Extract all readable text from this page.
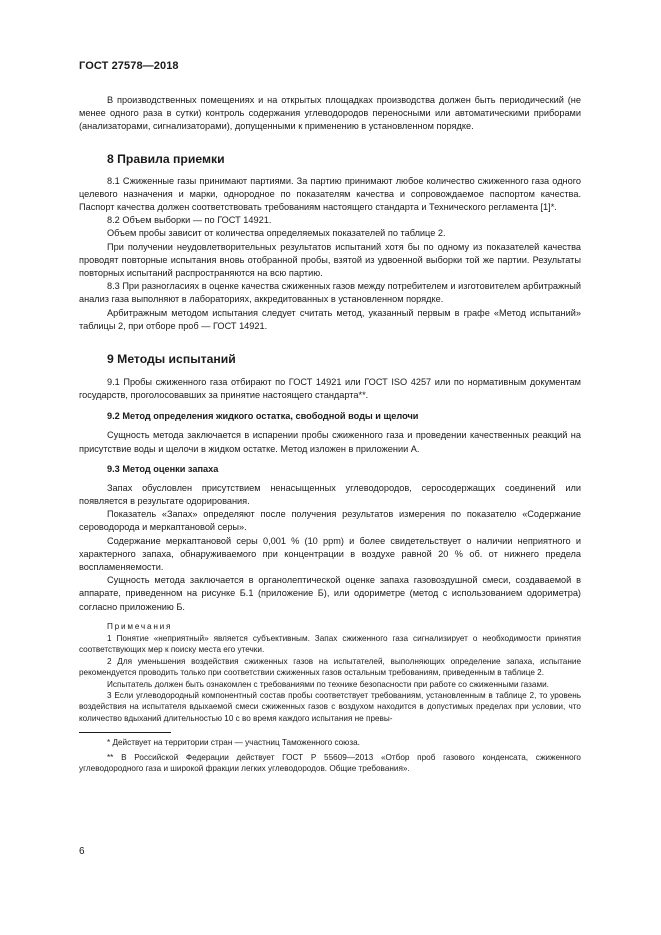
ГОСТ 27578—2018

В производственных помещениях и на открытых площадках производства должен быть периодический (не менее одного раза в сутки) контроль содержания углеводородов переносными или автоматическими приборами (анализаторами, сигнализаторами), допущенными к применению в установленном порядке.

8 Правила приемки

8.1 Сжиженные газы принимают партиями. За партию принимают любое количество сжиженного газа одного целевого назначения и марки, однородное по показателям качества и сопровождаемое паспортом качества. Паспорт качества должен соответствовать требованиям настоящего стандарта и Технического регламента [1]*.

8.2 Объем выборки — по ГОСТ 14921.

Объем пробы зависит от количества определяемых показателей по таблице 2.

При получении неудовлетворительных результатов испытаний хотя бы по одному из показателей качества проводят повторные испытания вновь отобранной пробы, взятой из удвоенной выборки той же партии. Результаты повторных испытаний распространяются на всю партию.

8.3 При разногласиях в оценке качества сжиженных газов между потребителем и изготовителем арбитражный анализ газа выполняют в лабораториях, аккредитованных в установленном порядке.

Арбитражным методом испытания следует считать метод, указанный первым в графе «Метод испытаний» таблицы 2, при отборе проб — ГОСТ 14921.

9 Методы испытаний

9.1 Пробы сжиженного газа отбирают по ГОСТ 14921 или ГОСТ ISO 4257 или по нормативным документам государств, проголосовавших за принятие настоящего стандарта**.

9.2 Метод определения жидкого остатка, свободной воды и щелочи

Сущность метода заключается в испарении пробы сжиженного газа и проведении качественных реакций на присутствие воды и щелочи в жидком остатке. Метод изложен в приложении А.

9.3 Метод оценки запаха

Запах обусловлен присутствием ненасыщенных углеводородов, серосодержащих соединений или появляется в результате одорирования.

Показатель «Запах» определяют после получения результатов измерения по показателю «Содержание сероводорода и меркаптановой серы».

Содержание меркаптановой серы 0,001 % (10 ppm) и более свидетельствует о наличии неприятного и характерного запаха, обнаруживаемого при концентрации в воздухе равной 20 % об. от нижнего предела воспламеняемости.

Сущность метода заключается в органолептической оценке запаха газовоздушной смеси, создаваемой в аппарате, приведенном на рисунке Б.1 (приложение Б), или одориметре (метод с использованием одориметра) согласно приложению Б.

Примечания

1 Понятие «неприятный» является субъективным. Запах сжиженного газа сигнализирует о необходимости принятия соответствующих мер к поиску места его утечки.

2 Для уменьшения воздействия сжиженных газов на испытателей, выполняющих определение запаха, испытание рекомендуется проводить только при соответствии сжиженных газов остальным требованиям, приведенным в таблице 2.

Испытатель должен быть ознакомлен с требованиями по технике безопасности при работе со сжиженными газами.

3 Если углеводородный компонентный состав пробы соответствует требованиям, установленным в таблице 2, то уровень воздействия на испытателя вдыхаемой смеси сжиженных газов с воздухом находится в допустимых пределах при условии, что количество вдыханий длительностью 10 с во время каждого испытания не превы-

* Действует на территории стран — участниц Таможенного союза.

** В Российской Федерации действует ГОСТ Р 55609—2013 «Отбор проб газового конденсата, сжиженного углеводородного газа и широкой фракции легких углеводородов. Общие требования».

6
